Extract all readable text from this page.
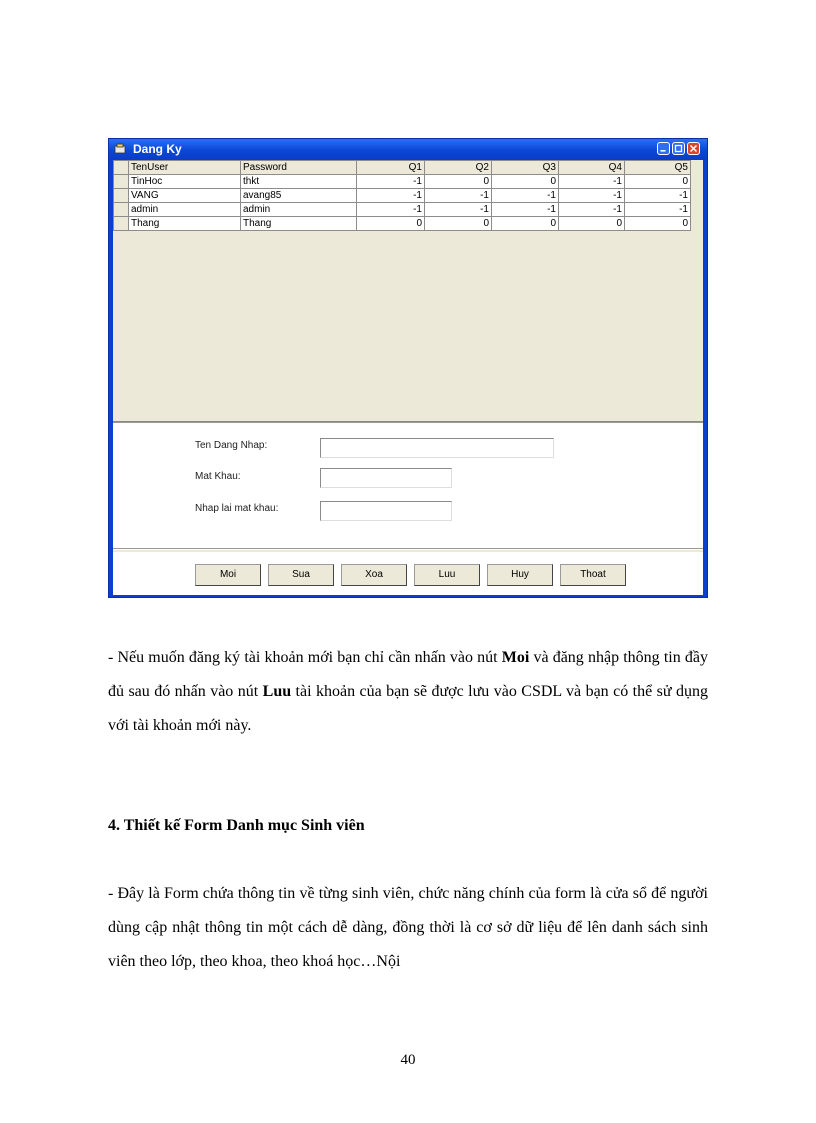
Dang Ky
	TenUser	Password	Q1	Q2	Q3	Q4	Q5
	TinHoc	thkt	-1	0	0	-1	0
	VANG	avang85	-1	-1	-1	-1	-1
	admin	admin	-1	-1	-1	-1	-1
	Thang	Thang	0	0	0	0	0
Ten Dang Nhap:
Mat Khau:
Nhap lai mat khau:
Moi	Sua	Xoa	Luu	Huy	Thoat

- Nếu muốn đăng ký tài khoản mới bạn chỉ cần nhấn vào nút Moi và đăng nhập thông tin đầy đủ sau đó nhấn vào nút Luu tài khoản của bạn sẽ được lưu vào CSDL và bạn có thể sử dụng với tài khoản mới này.

4. Thiết kế Form Danh mục Sinh viên

- Đây là Form chứa thông tin về từng sinh viên, chức năng chính của form là cửa sổ để người dùng cập nhật thông tin một cách dễ dàng, đồng thời là cơ sở dữ liệu để lên danh sách sinh viên theo lớp, theo khoa, theo khoá học…Nội

40
